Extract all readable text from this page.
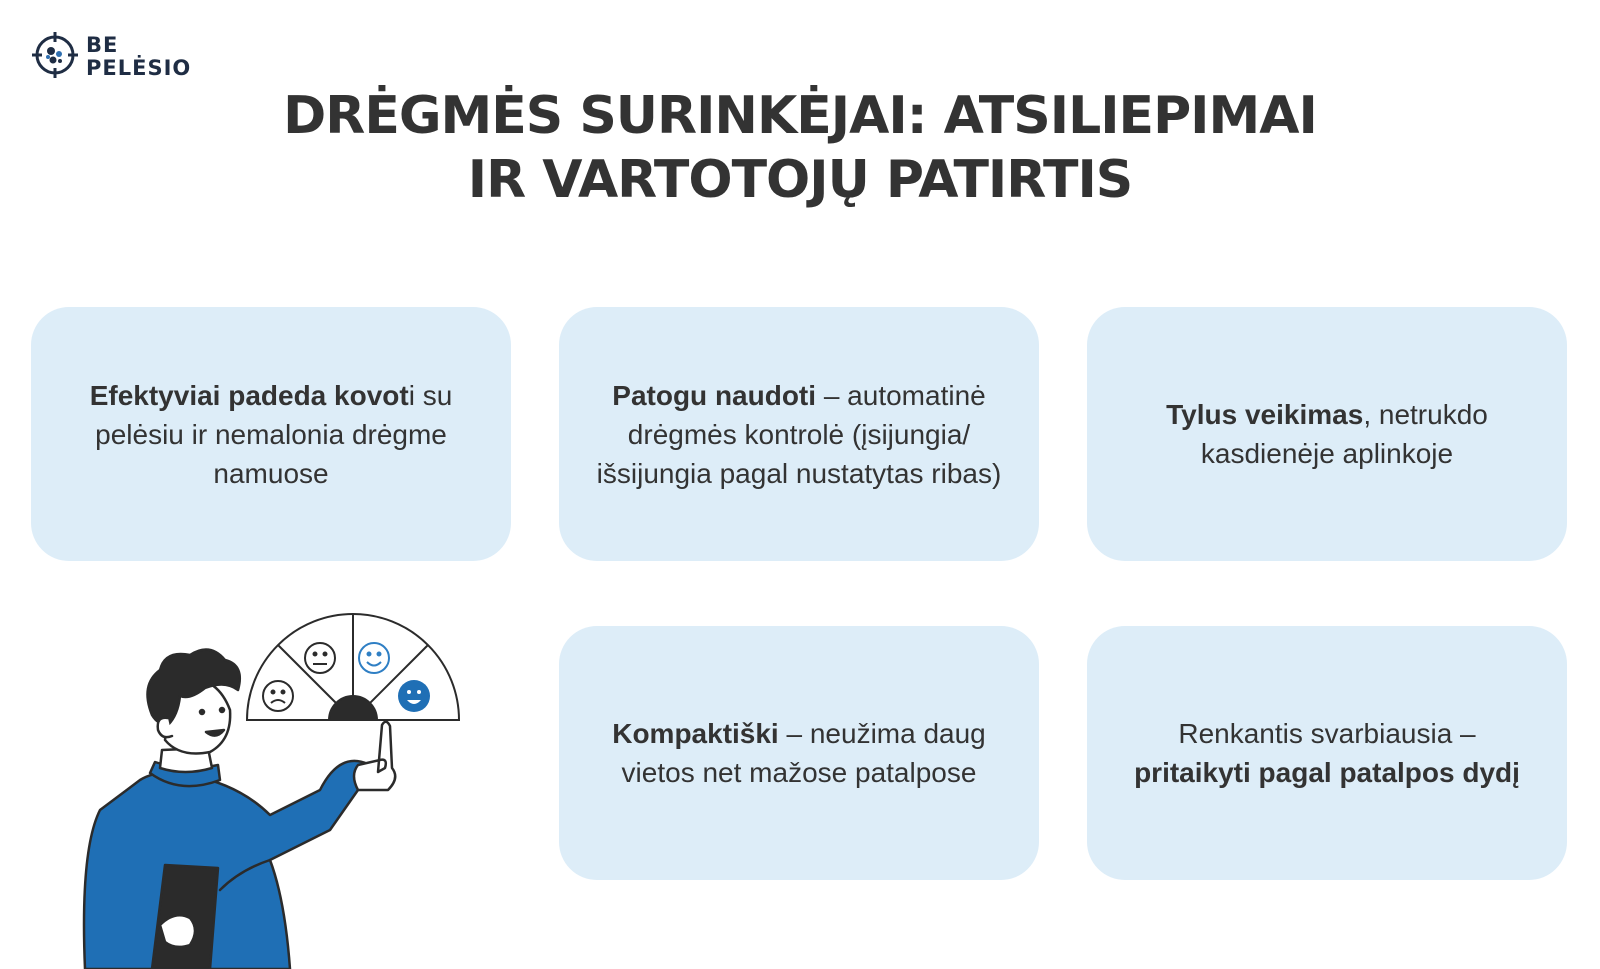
BE
PELĖSIO
DRĖGMĖS SURINKĖJAI: ATSILIEPIMAI
IR VARTOTOJŲ PATIRTIS

Efektyviai padeda kovoti su pelėsiu ir nemalonia drėgme namuose

Patogu naudoti – automatinė drėgmės kontrolė (įsijungia/ išsijungia pagal nustatytas ribas)

Tylus veikimas, netrukdo kasdienėje aplinkoje

Kompaktiški – neužima daug vietos net mažose patalpose

Renkantis svarbiausia – pritaikyti pagal patalpos dydį
